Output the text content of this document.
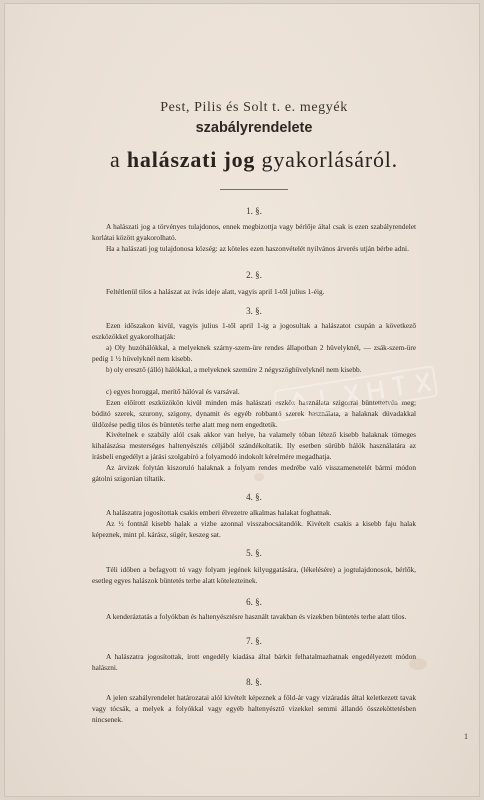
Pest, Pilis és Solt t. e. megyék
szabályrendelete
a halászati jog gyakorlásáról.
1. §.

A halászati jog a törvényes tulajdonos, ennek megbizottja vagy bérlője által csak is ezen szabályrendelet korlátai között gyakorolható.

Ha a halászati jog tulajdonosa község: az köteles ezen haszonvételét nyilvános árverés utján bérbe adni.

2. §.

Feltétlenül tilos a halászat az ivás ideje alatt, vagyis april 1-től julius 1-éig.

3. §.

Ezen időszakon kivül, vagyis julius 1-től april 1-ig a jogosultak a halászatot csupán a következő eszközökkel gyakorolhatják:

a) Oly huzóhálókkal, a melyeknek szárny-szem-üre rendes állapotban 2 hüvelyknél, — zsák-szem-üre pedig 1 ½ hüvelyknél nem kisebb.

b) oly eresztő (álló) hálókkal, a melyeknek szemüre 2 négyszöghüvelyknél nem kisebb.

c) egyes horoggal, merítő hálóval és varsával.

Ezen előírott eszközökön kivül minden más halászati eszköz használata szigorral büntettetvén meg; bóditó szerek, szurony, szigony, dynamit és egyéb robbantó szerek használata, a halaknak dúvadakkal üldözése pedig tilos és büntetés terhe alatt meg nem engedtetik.

Kivételnek e szabály alól csak akkor van helye, ha valamely tóban létező kisebb halaknak tömeges kihalászása mesterséges haltenyésztés céljából szándékoltatik. Ily esetben sürübb hálók használatára az írásbeli engedélyt a járási szolgabíró a folyamodó indokolt kérelmére megadhatja.

Az árvizek folytán kiszoruló halaknak a folyam rendes medrébe való visszamenetelét bármi módon gátolni szigorúan tiltatik.

4. §.

A halászatra jogosítottak csakis emberi élvezetre alkalmas halakat foghatnak.

Az ½ fontnál kisebb halak a vizbe azonnal visszabocsátandók. Kivételt csakis a kisebb faju halak képeznek, mint pl. kárász, sügér, keszeg sat.

5. §.

Téli időben a befagyott tó vagy folyam jegének kilyuggatására, (lékelésére) a jogtulajdonosok, bérlők, esetleg egyes halászok büntetés terhe alatt kötelezteinek.

6. §.

A kenderáztatás a folyókban és haltenyésztésre használt tavakban és vizekben büntetés terhe alatt tilos.

7. §.

A halászatra jogosítottak, írott engedély kiadása által bárkit felhatalmazhatnak engedélyezett módon halászni.

8. §.

A jelen szabályrendelet határozatai alól kivételt képeznek a föld-ár vagy vizáradás által keletkezett tavak vagy tócsák, a melyek a folyókkal vagy egyéb haltenyésztő vizekkel semmi állandó összeköttetésben nincsenek.

1
